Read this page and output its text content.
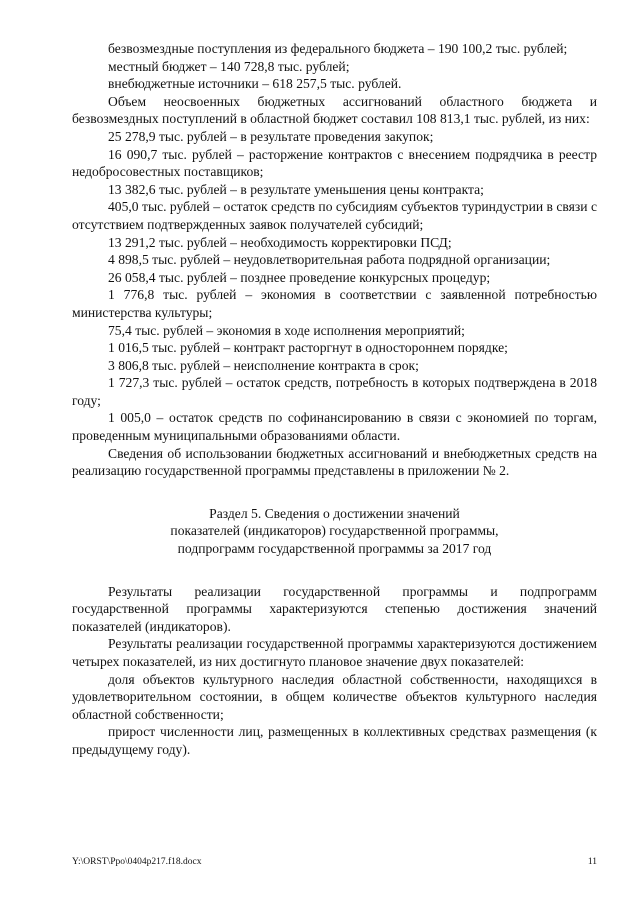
безвозмездные поступления из федерального бюджета – 190 100,2 тыс. рублей;

местный бюджет – 140 728,8 тыс. рублей;

внебюджетные источники – 618 257,5 тыс. рублей.

Объем неосвоенных бюджетных ассигнований областного бюджета и безвозмездных поступлений в областной бюджет составил 108 813,1 тыс. рублей, из них:

25 278,9 тыс. рублей – в результате проведения закупок;

16 090,7 тыс. рублей – расторжение контрактов с внесением подрядчика в реестр недобросовестных поставщиков;

13 382,6 тыс. рублей – в результате уменьшения цены контракта;

405,0 тыс. рублей – остаток средств по субсидиям субъектов туриндустрии в связи с отсутствием подтвержденных заявок получателей субсидий;

13 291,2 тыс. рублей – необходимость корректировки ПСД;

4 898,5 тыс. рублей – неудовлетворительная работа подрядной организации;

26 058,4 тыс. рублей – позднее проведение конкурсных процедур;

1 776,8 тыс. рублей – экономия в соответствии с заявленной потребностью министерства культуры;

75,4 тыс. рублей – экономия в ходе исполнения мероприятий;

1 016,5 тыс. рублей – контракт расторгнут в одностороннем порядке;

3 806,8 тыс. рублей – неисполнение контракта в срок;

1 727,3 тыс. рублей – остаток средств, потребность в которых подтверждена в 2018 году;

1 005,0 – остаток средств по софинансированию в связи с экономией по торгам, проведенным муниципальными образованиями области.

Сведения об использовании бюджетных ассигнований и внебюджетных средств на реализацию государственной программы представлены в приложении № 2.

Раздел 5. Сведения о достижении значений
показателей (индикаторов) государственной программы,
подпрограмм государственной программы за 2017 год

Результаты реализации государственной программы и подпрограмм государственной программы характеризуются степенью достижения значений показателей (индикаторов).

Результаты реализации государственной программы характеризуются достижением четырех показателей, из них достигнуто плановое значение двух показателей:

доля объектов культурного наследия областной собственности, находящихся в удовлетворительном состоянии, в общем количестве объектов культурного наследия областной собственности;

прирост численности лиц, размещенных в коллективных средствах размещения (к предыдущему году).

Y:\ORST\Ppo\0404p217.f18.docx	11
